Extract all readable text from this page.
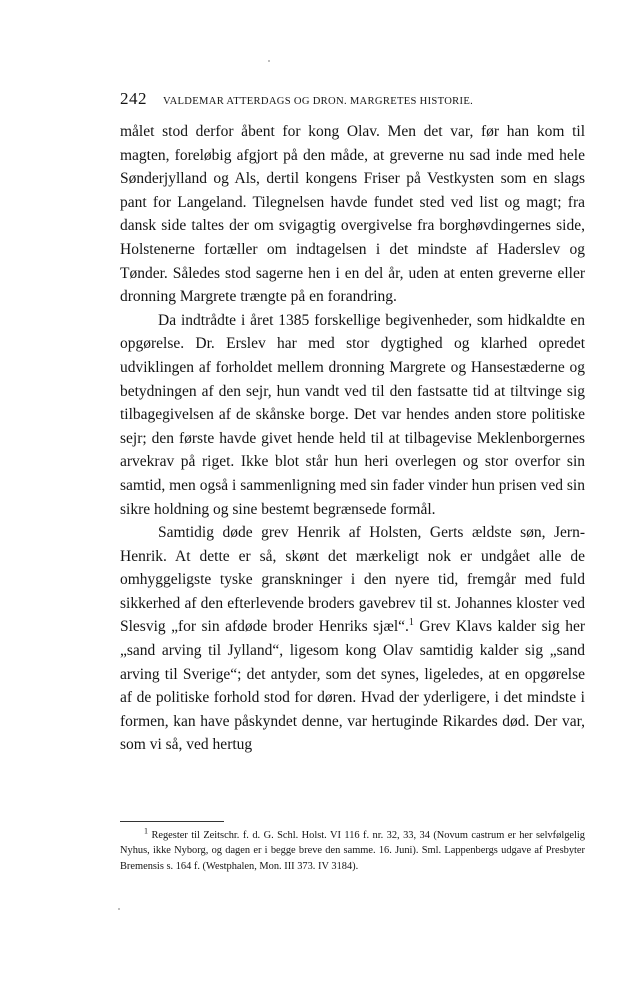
242 VALDEMAR ATTERDAGS OG DRON. MARGRETES HISTORIE.

målet stod derfor åbent for kong Olav. Men det var, før han kom til magten, foreløbig afgjort på den måde, at greverne nu sad inde med hele Sønderjylland og Als, dertil kongens Friser på Vestkysten som en slags pant for Langeland. Tilegnelsen havde fundet sted ved list og magt; fra dansk side taltes der om svigagtig overgivelse fra borghøvdingernes side, Holstenerne fortæller om indtagelsen i det mindste af Haderslev og Tønder. Således stod sagerne hen i en del år, uden at enten greverne eller dronning Margrete trængte på en forandring.

Da indtrådte i året 1385 forskellige begivenheder, som hidkaldte en opgørelse. Dr. Erslev har med stor dygtighed og klarhed opredet udviklingen af forholdet mellem dronning Margrete og Hansestæderne og betydningen af den sejr, hun vandt ved til den fastsatte tid at tiltvinge sig tilbagegivelsen af de skånske borge. Det var hendes anden store politiske sejr; den første havde givet hende held til at tilbagevise Meklenborgernes arvekrav på riget. Ikke blot står hun heri overlegen og stor overfor sin samtid, men også i sammenligning med sin fader vinder hun prisen ved sin sikre holdning og sine bestemt begrænsede formål.

Samtidig døde grev Henrik af Holsten, Gerts ældste søn, Jern-Henrik. At dette er så, skønt det mærkeligt nok er undgået alle de omhyggeligste tyske granskninger i den nyere tid, fremgår med fuld sikkerhed af den efterlevende broders gavebrev til st. Johannes kloster ved Slesvig „for sin afdøde broder Henriks sjæl“.$^1$ Grev Klavs kalder sig her „sand arving til Jylland“, ligesom kong Olav samtidig kalder sig „sand arving til Sverige“; det antyder, som det synes, ligeledes, at en opgørelse af de politiske forhold stod for døren. Hvad der yderligere, i det mindste i formen, kan have påskyndet denne, var hertuginde Rikardes død. Der var, som vi så, ved hertug

$^1$ Regester til Zeitschr. f. d. G. Schl. Holst. VI 116 f. nr. 32, 33, 34 (Novum castrum er her selvfølgelig Nyhus, ikke Nyborg, og dagen er i begge breve den samme. 16. Juni). Sml. Lappenbergs udgave af Presbyter Bremensis s. 164 f. (Westphalen, Mon. III 373. IV 3184).
